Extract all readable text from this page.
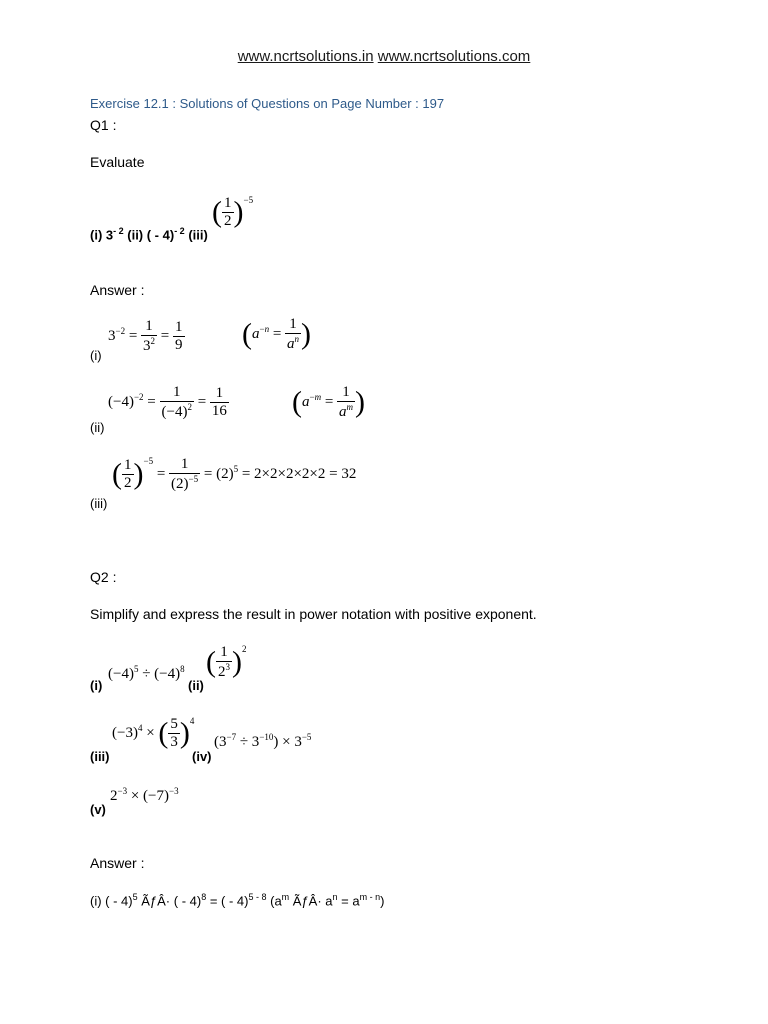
www.ncrtsolutions.in www.ncrtsolutions.com
Exercise 12.1 : Solutions of Questions on Page Number : 197
Q1 :
Evaluate
(i) $3^{- 2}$ (ii) ( - 4)$^{- 2}$ (iii)
( $\frac{1}{2} )^{-5}$
Answer :
(i)
$3^{-2} = \frac{1}{3^2} = \frac{1}{9} (a^{-n} = \frac{1}{a^n}$ )
(ii)
$(-4)^{-2} = \frac{1}{(-4)^2} = \frac{1}{16} (a^{-m} = \frac{1}{a^m}$ )
(iii)
( $\frac{1}{2} )^{-5} = \frac{1}{(2)^{-5}} = (2)^5 = 2\times 2\times 2\times 2\times 2 = 32$
Q2 :
Simplify and express the result in power notation with positive exponent.
(i)
$(-4)^5 \div (-4)^8$
(ii)
( $\frac{1}{2^3} )^2$
(iii)
$(-3)^4$ × ( $\frac{5}{3} )^4$
(iv)
$(3^{-7} \div 3^{-10}) \times 3^{-5}$
(v)
$2^{-3} \times (-7)^{-3}$
Answer :
(i) ( - 4)$^5$ ÃƒÂ· ( - 4)$^8$ = ( - 4)$^{5 - 8}$ ($a^m$ ÃƒÂ· $a^n = a^{m - n}$)
